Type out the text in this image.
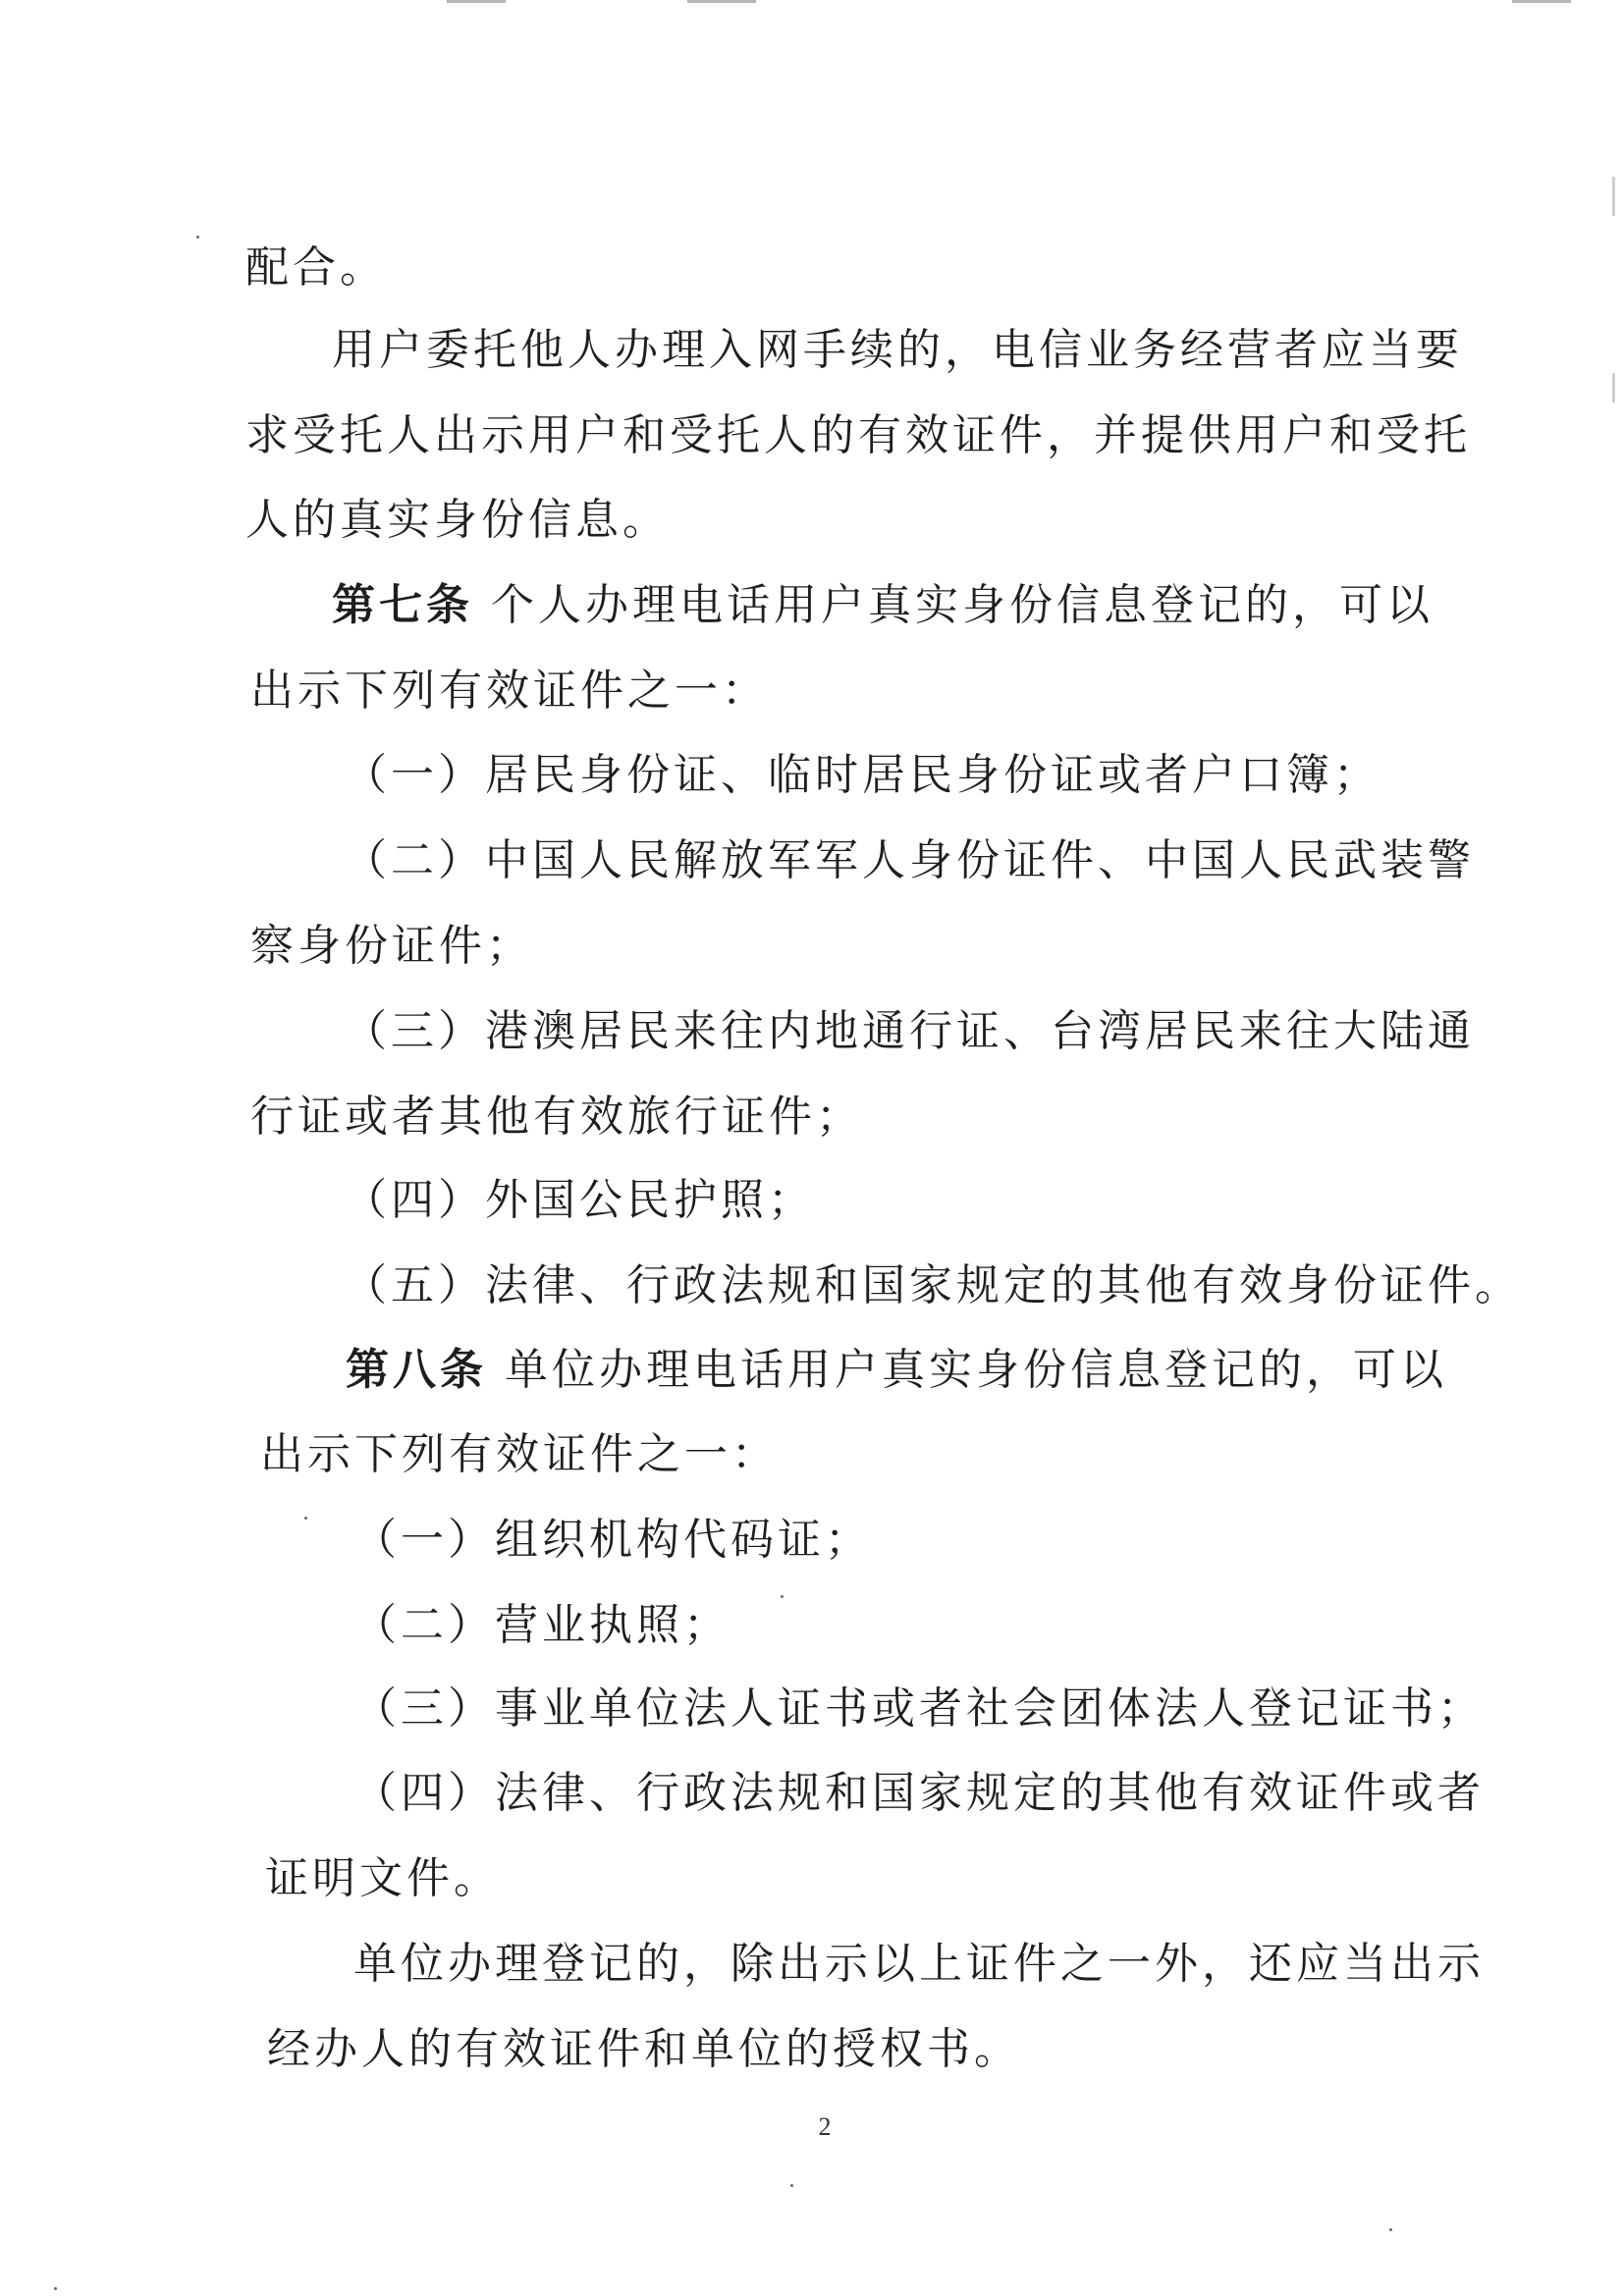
配合。
用户委托他人办理入网手续的，电信业务经营者应当要
求受托人出示用户和受托人的有效证件，并提供用户和受托
人的真实身份信息。
第七条 个人办理电话用户真实身份信息登记的，可以
出示下列有效证件之一：
（一）居民身份证、临时居民身份证或者户口簿；
（二）中国人民解放军军人身份证件、中国人民武装警
察身份证件；
（三）港澳居民来往内地通行证、台湾居民来往大陆通
行证或者其他有效旅行证件；
（四）外国公民护照；
（五）法律、行政法规和国家规定的其他有效身份证件。
第八条 单位办理电话用户真实身份信息登记的，可以
出示下列有效证件之一：
（一）组织机构代码证；
（二）营业执照；
（三）事业单位法人证书或者社会团体法人登记证书；
（四）法律、行政法规和国家规定的其他有效证件或者
证明文件。
单位办理登记的，除出示以上证件之一外，还应当出示
经办人的有效证件和单位的授权书。
2
